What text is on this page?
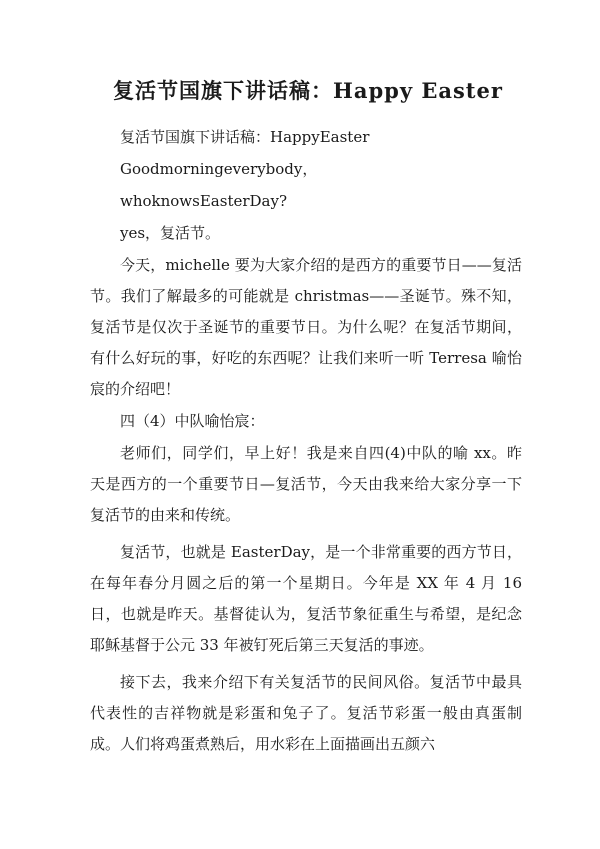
复活节国旗下讲话稿：Happy Easter

复活节国旗下讲话稿：HappyEaster

Goodmorningeverybody，

whoknowsEasterDay?

yes，复活节。

今天，michelle 要为大家介绍的是西方的重要节日——复活节。我们了解最多的可能就是 christmas——圣诞节。殊不知，复活节是仅次于圣诞节的重要节日。为什么呢？在复活节期间，有什么好玩的事，好吃的东西呢？让我们来听一听 Terresa 喻怡宸的介绍吧！

四（4）中队喻怡宸：

老师们，同学们，早上好！我是来自四(4)中队的喻 xx。昨天是西方的一个重要节日—复活节，今天由我来给大家分享一下复活节的由来和传统。

复活节，也就是 EasterDay，是一个非常重要的西方节日，在每年春分月圆之后的第一个星期日。今年是 XX 年 4 月 16 日，也就是昨天。基督徒认为，复活节象征重生与希望，是纪念耶稣基督于公元 33 年被钉死后第三天复活的事迹。

接下去，我来介绍下有关复活节的民间风俗。复活节中最具代表性的吉祥物就是彩蛋和兔子了。复活节彩蛋一般由真蛋制成。人们将鸡蛋煮熟后，用水彩在上面描画出五颜六
